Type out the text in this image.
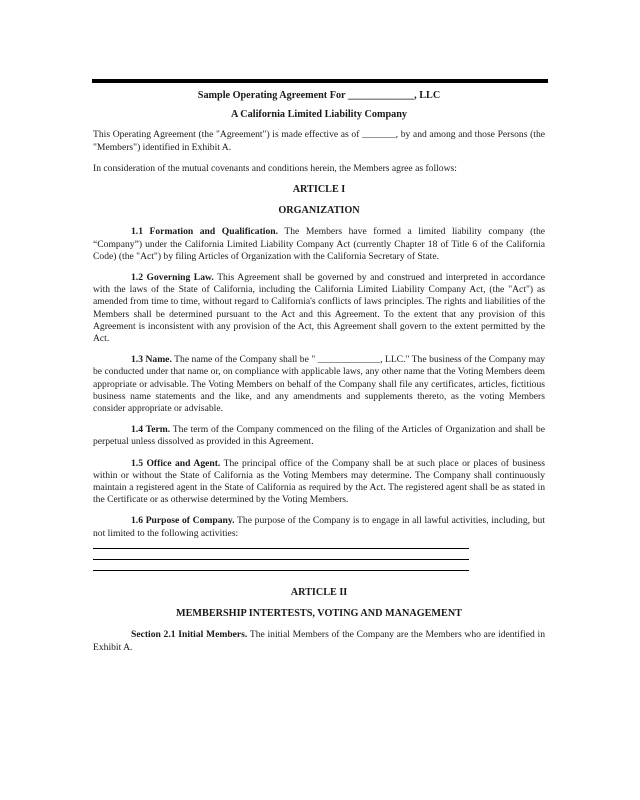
Sample Operating Agreement For _____________, LLC
A California Limited Liability Company

This Operating Agreement (the "Agreement") is made effective as of _______, by and among and those Persons (the "Members") identified in Exhibit A.

In consideration of the mutual covenants and conditions herein, the Members agree as follows:

ARTICLE I
ORGANIZATION

1.1 Formation and Qualification. The Members have formed a limited liability company (the “Company”) under the California Limited Liability Company Act (currently Chapter 18 of Title 6 of the California Code) (the "Act") by filing Articles of Organization with the California Secretary of State.

1.2 Governing Law. This Agreement shall be governed by and construed and interpreted in accordance with the laws of the State of California, including the California Limited Liability Company Act, (the "Act") as amended from time to time, without regard to California's conflicts of laws principles. The rights and liabilities of the Members shall be determined pursuant to the Act and this Agreement. To the extent that any provision of this Agreement is inconsistent with any provision of the Act, this Agreement shall govern to the extent permitted by the Act.

1.3 Name. The name of the Company shall be " _____________, LLC." The business of the Company may be conducted under that name or, on compliance with applicable laws, any other name that the Voting Members deem appropriate or advisable. The Voting Members on behalf of the Company shall file any certificates, articles, fictitious business name statements and the like, and any amendments and supplements thereto, as the voting Members consider appropriate or advisable.

1.4 Term. The term of the Company commenced on the filing of the Articles of Organization and shall be perpetual unless dissolved as provided in this Agreement.

1.5 Office and Agent. The principal office of the Company shall be at such place or places of business within or without the State of California as the Voting Members may determine. The Company shall continuously maintain a registered agent in the State of California as required by the Act. The registered agent shall be as stated in the Certificate or as otherwise determined by the Voting Members.

1.6 Purpose of Company. The purpose of the Company is to engage in all lawful activities, including, but not limited to the following activities:

ARTICLE II
MEMBERSHIP INTERTESTS, VOTING AND MANAGEMENT

Section 2.1 Initial Members. The initial Members of the Company are the Members who are identified in Exhibit A.
